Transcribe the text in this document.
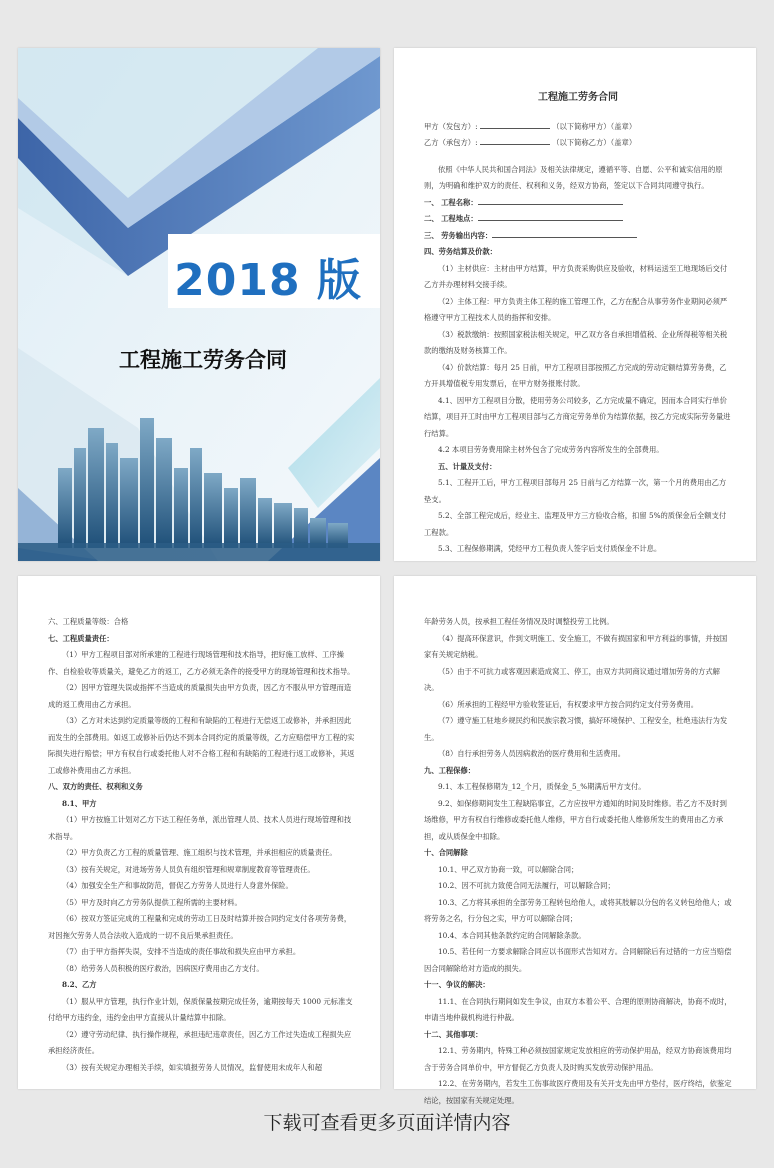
2018 版
工程施工劳务合同

工程施工劳务合同

甲方（发包方）:	（以下简称甲方）（盖章）

乙方（承包方）:	（以下简称乙方）（盖章）

依照《中华人民共和国合同法》及相关法律规定，遵循平等、自愿、公平和诚实信用的原则，为明确和维护双方的责任、权利和义务，经双方协商，签定以下合同共同遵守执行。

一、 工程名称：

二、 工程地点：

三、 劳务输出内容：

四、劳务结算及价款：

（1）主材供应：主材由甲方结算，甲方负责采购供应及验收，材料运送至工地现场后交付乙方并办理材料交接手续。

（2）主体工程：甲方负责主体工程的施工管理工作，乙方在配合从事劳务作业期间必须严格遵守甲方工程技术人员的指挥和安排。

（3）税款缴纳：按照国家税法相关规定，甲乙双方各自承担增值税、企业所得税等相关税款的缴纳及财务核算工作。

（4）价款结算：每月 25 日前，甲方工程项目部按照乙方完成的劳动定额结算劳务费，乙方开具增值税专用发票后，在甲方财务报账付款。

4.1、因甲方工程项目分散，使用劳务公司较多，乙方完成量不确定，因而本合同实行单价结算，项目开工时由甲方工程项目部与乙方商定劳务单价为结算依据，按乙方完成实际劳务量进行结算。

4.2 本项目劳务费用除主材外包含了完成劳务内容所发生的全部费用。

五、计量及支付：

5.1、工程开工后，甲方工程项目部每月 25 日前与乙方结算一次，第一个月的费用由乙方垫支。

5.2、全部工程完成后，经业主、监理及甲方三方验收合格，扣留 5%的质保金后全额支付工程款。

5.3、工程保修期满，凭经甲方工程负责人签字后支付质保金不计息。

六、工程质量等级：合格

七、工程质量责任：

（1）甲方工程项目部对所承建的工程进行现场管理和技术指导，把好施工放样、工序操作、自检验收等质量关，避免乙方的返工，乙方必须无条件的接受甲方的现场管理和技术指导。

（2）因甲方管理失误或指挥不当造成的质量损失由甲方负责，因乙方不服从甲方管理而造成的返工费用由乙方承担。

（3）乙方对未达到约定质量等级的工程和有缺陷的工程进行无偿返工或修补，并承担因此而发生的全部费用。如返工或修补后仍达不到本合同约定的质量等级，乙方应赔偿甲方工程的实际损失进行赔偿；甲方有权自行或委托他人对不合格工程和有缺陷的工程进行返工或修补，其返工或修补费用由乙方承担。

八、双方的责任、权利和义务

8.1、甲方

（1）甲方按施工计划对乙方下达工程任务单，派出管理人员、技术人员进行现场管理和技术指导。

（2）甲方负责乙方工程的质量管理、施工组织与技术管理，并承担相应的质量责任。

（3）按有关规定，对进场劳务人员负有组织管理和规章制度教育等管理责任。

（4）加强安全生产和事故防范，督促乙方劳务人员进行人身意外保险。

（5）甲方及时向乙方劳务队提供工程所需的主要材料。

（6）按双方签证完成的工程量和完成的劳动工日及时结算并按合同约定支付各项劳务费，对因拖欠劳务人员合法收入造成的一切不良后果承担责任。

（7）由于甲方指挥失误，安排不当造成的责任事故和损失应由甲方承担。

（8）给劳务人员积极的医疗救治，因病医疗费用由乙方支付。

8.2、乙方

（1）服从甲方管理，执行作业计划，保质保量按期完成任务，逾期按每天 1000 元标准支付给甲方违约金，违约金由甲方直接从计量结算中扣除。

（2）遵守劳动纪律、执行操作规程，承担违纪违章责任，因乙方工作过失造成工程损失应承担经济责任。

（3）按有关规定办理相关手续，如实填报劳务人员情况，监督使用未成年人和超

年龄劳务人员，按承担工程任务情况及时调整投劳工比例。

（4）提高环保意识，作到文明施工、安全施工，不做有损国家和甲方利益的事情，并按国家有关规定纳税。

（5）由于不可抗力或客观因素造成窝工、停工，由双方共同商议通过增加劳务的方式解决。

（6）所承担的工程经甲方验收签证后，有权要求甲方按合同约定支付劳务费用。

（7）遵守施工驻地乡规民约和民族宗教习惯，搞好环境保护、工程安全，杜绝违法行为发生。

（8）自行承担劳务人员因病救治的医疗费用和生活费用。

九、工程保修：

9.1、本工程保修期为_12_个月，质保金_5_%期满后甲方支付。

9.2、如保修期间发生工程缺陷事宜，乙方应按甲方通知的时间及时维修。若乙方不及时到场维修，甲方有权自行维修或委托他人维修，甲方自行或委托他人维修所发生的费用由乙方承担，或从质保金中扣除。

十、合同解除

10.1、甲乙双方协商一致，可以解除合同；

10.2、因不可抗力致使合同无法履行，可以解除合同；

10.3、乙方将其承担的全部劳务工程转包给他人，或将其肢解以分包的名义转包给他人；或将劳务之名，行分包之实，甲方可以解除合同；

10.4、本合同其他条款约定的合同解除条款。

10.5、若任何一方要求解除合同应以书面形式告知对方。合同解除后有过错的一方应当赔偿因合同解除给对方造成的损失。

十一、争议的解决：

11.1、在合同执行期间如发生争议，由双方本着公平、合理的原则协商解决，协商不成时，申请当地仲裁机构进行仲裁。

十二、其他事项：

12.1、劳务期内，特殊工种必须按国家规定发放相应的劳动保护用品，经双方协商该费用均含于劳务合同单价中，甲方督促乙方负责人及时购买发放劳动保护用品。

12.2、在劳务期内，若发生工伤事故医疗费用及有关开支先由甲方垫付，医疗终结，依鉴定结论，按国家有关规定处理。

下载可查看更多页面详情内容
